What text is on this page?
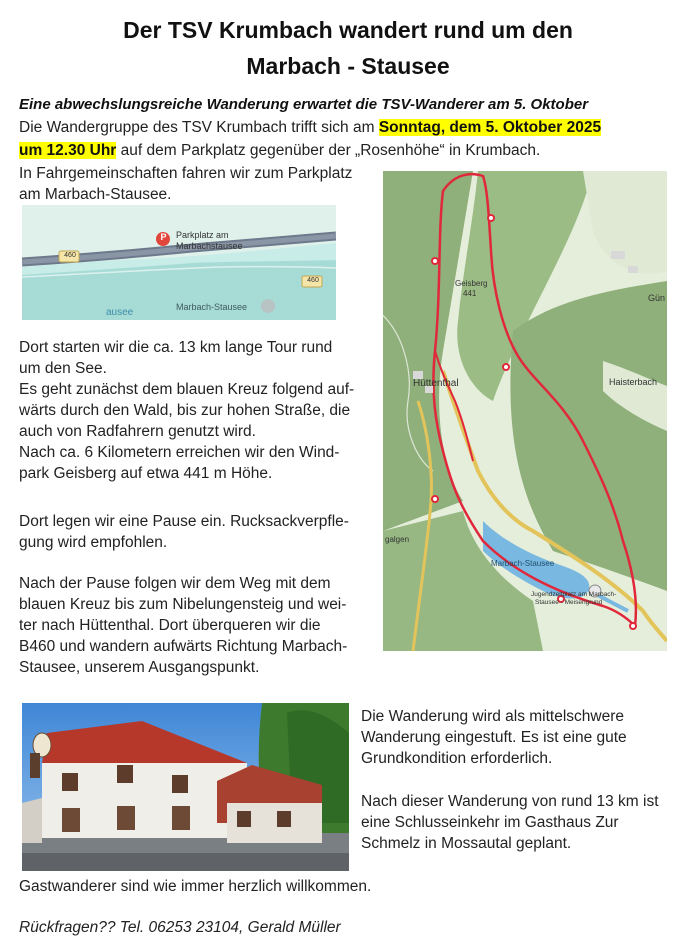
Der TSV Krumbach wandert rund um den
Marbach - Stausee
Eine abwechslungsreiche Wanderung erwartet die TSV-Wanderer am 5. Oktober
Die Wandergruppe des TSV Krumbach trifft sich am Sonntag, dem 5. Oktober 2025
um 12.30 Uhr auf dem Parkplatz gegenüber der „Rosenhöhe“ in Krumbach.
In Fahrgemeinschaften fahren wir zum Parkplatz
am Marbach-Stausee.
P Parkplatz am
Marbachstausee
460
460
Marbach-Stausee
ausee
Dort starten wir die ca. 13 km lange Tour rund
um den See.
Es geht zunächst dem blauen Kreuz folgend auf-
wärts durch den Wald, bis zur hohen Straße, die
auch von Radfahrern genutzt wird.
Nach ca. 6 Kilometern erreichen wir den Wind-
park Geisberg auf etwa 441 m Höhe.
Dort legen wir eine Pause ein. Rucksackverpfle-
gung wird empfohlen.
Nach der Pause folgen wir dem Weg mit dem
blauen Kreuz bis zum Nibelungensteig und wei-
ter nach Hüttenthal. Dort überqueren wir die
B460 und wandern aufwärts Richtung Marbach-
Stausee, unserem Ausgangspunkt.
Geisberg
441
Hüttenthal	Haisterbach
Gün
galgen
Marbach-Stausee
Jugendzeltplatz am Marbach-
Stausee - Meisengrund
Die Wanderung wird als mittelschwere
Wanderung eingestuft. Es ist eine gute
Grundkondition erforderlich.
Nach dieser Wanderung von rund 13 km ist
eine Schlusseinkehr im Gasthaus Zur
Schmelz in Mossautal geplant.
Gastwanderer sind wie immer herzlich willkommen.
Rückfragen?? Tel. 06253 23104, Gerald Müller
